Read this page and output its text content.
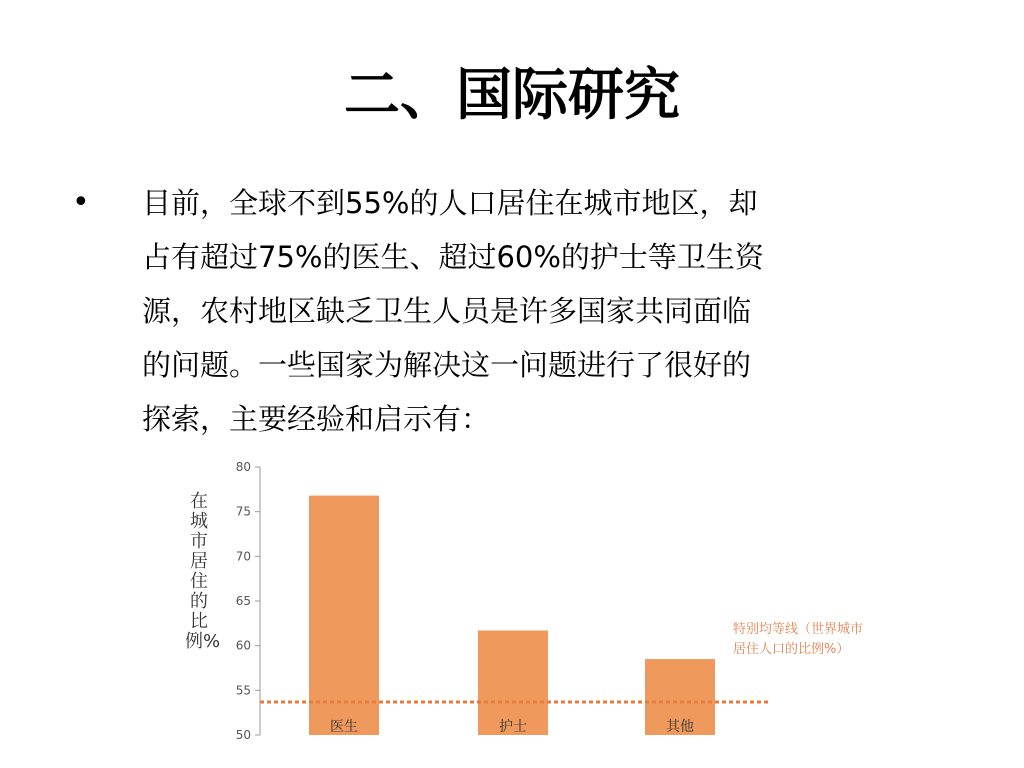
二、国际研究
• 目前，全球不到55%的人口居住在城市地区，却
占有超过75%的医生、超过60%的护士等卫生资
源，农村地区缺乏卫生人员是许多国家共同面临
的问题。一些国家为解决这一问题进行了很好的
探索，主要经验和启示有：

50
55
60
65
70
75
80
医生	护士	其他
在城市居住的比例%
特别均等线（世界城市居住人口的比例%）
